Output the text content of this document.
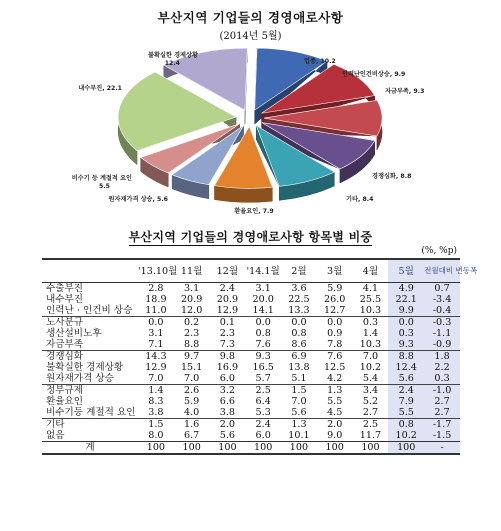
부산지역 기업들의 경영애로사항
(2014년 5월)
업종, 10.2
인력난인건비상승, 9.9
자금부족, 9.3
경쟁심화, 8.8
기타, 8.4
환율요인, 7.9
원자재가격 상승, 5.6
비수기 등 계절적 요인 5.5
내수부진, 22.1
불확실한 경제상황 12.4
부산지역 기업들의 경영애로사항 항목별 비중
(%, %p)
	'13.10월	11월	12월	'14.1월	2월	3월	4월	5월	전월대비 변동폭
수출부진	2.8	3.1	2.4	3.1	3.6	5.9	4.1	4.9	0.7
내수부진	18.9	20.9	20.9	20.0	22.5	26.0	25.5	22.1	-3.4
인력난 · 인건비 상승	11.0	12.0	12.9	14.1	13.3	12.7	10.3	9.9	-0.4
노사분규	0.0	0.2	0.1	0.0	0.0	0.0	0.3	0.0	-0.3
생산설비노후	3.1	2.3	2.3	0.8	0.8	0.9	1.4	0.3	-1.1
자금부족	7.1	8.8	7.3	7.6	8.6	7.8	10.3	9.3	-0.9
경쟁심화	14.3	9.7	9.8	9.3	6.9	7.6	7.0	8.8	1.8
불확실한 경제상황	12.9	15.1	16.9	16.5	13.8	12.5	10.2	12.4	2.2
원자재가격 상승	7.0	7.0	6.0	5.7	5.1	4.2	5.4	5.6	0.3
정부규제	1.4	2.6	3.2	2.5	1.5	1.3	3.4	2.4	-1.0
환율요인	8.3	5.9	6.6	6.4	7.0	5.5	5.2	7.9	2.7
비수기등 계절적 요인	3.8	4.0	3.8	5.3	5.6	4.5	2.7	5.5	2.7
기타	1.5	1.6	2.0	2.4	1.3	2.0	2.5	0.8	-1.7
없음	8.0	6.7	5.6	6.0	10.1	9.0	11.7	10.2	-1.5
계	100	100	100	100	100	100	100	100	-
